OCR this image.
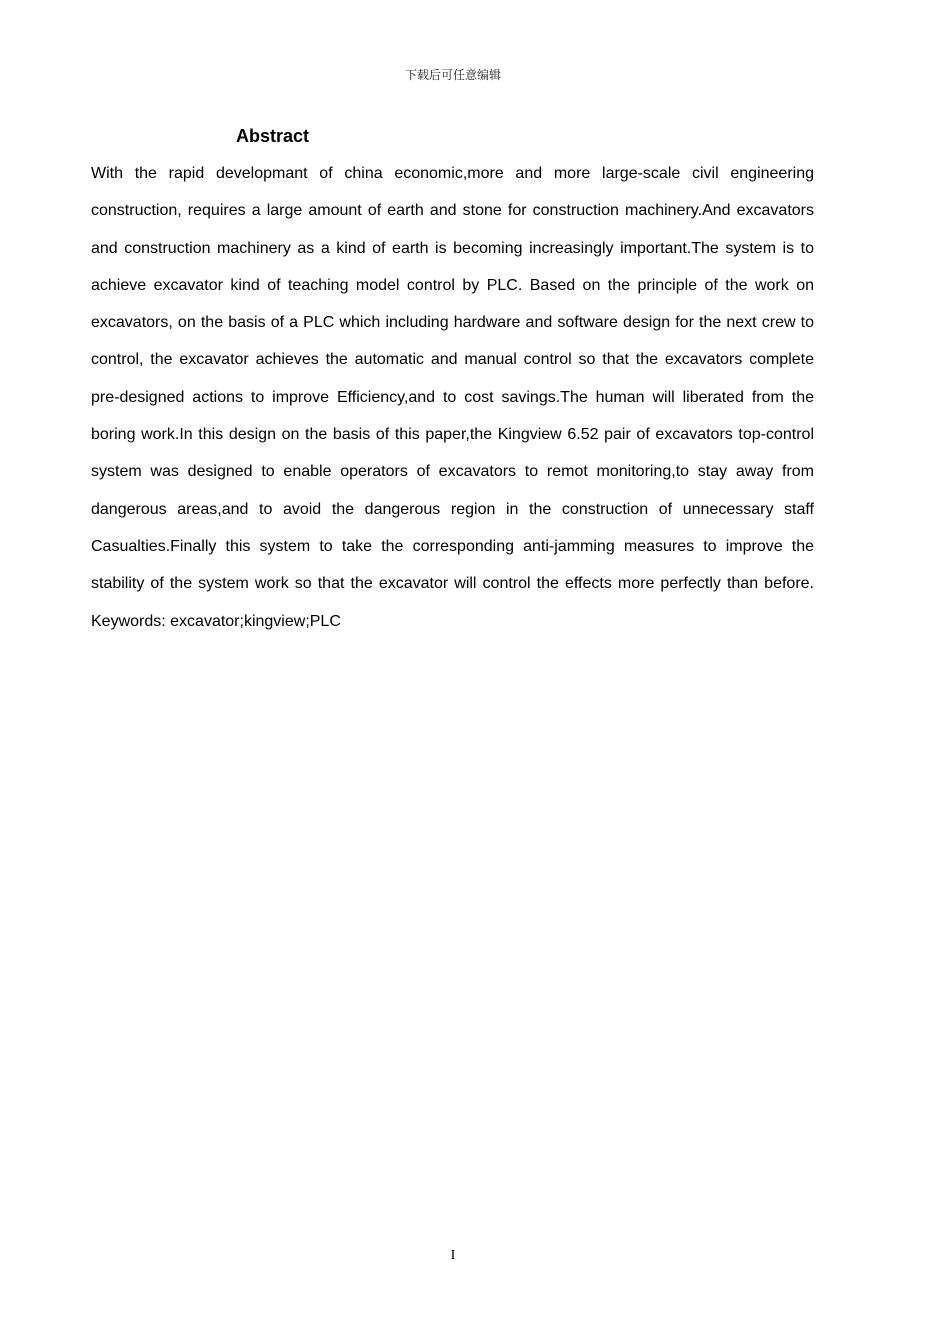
下载后可任意编辑
Abstract

With the rapid developmant of china economic,more and more large-scale civil engineering construction, requires a large amount of earth and stone for construction machinery.And excavators and construction machinery as a kind of earth is becoming increasingly important.The system is to achieve excavator kind of teaching model control by PLC. Based on the principle of the work on excavators, on the basis of a PLC which including hardware and software design for the next crew to control, the excavator achieves the automatic and manual control so that the excavators complete pre-designed actions to improve Efficiency,and to cost savings.The human will liberated from the boring work.In this design on the basis of this paper,the Kingview 6.52 pair of excavators top-control system was designed to enable operators of excavators to remot monitoring,to stay away from dangerous areas,and to avoid the dangerous region in the construction of unnecessary staff Casualties.Finally this system to take the corresponding anti-jamming measures to improve the stability of the system work so that the excavator will control the effects more perfectly than before. Keywords: excavator;kingview;PLC

I
